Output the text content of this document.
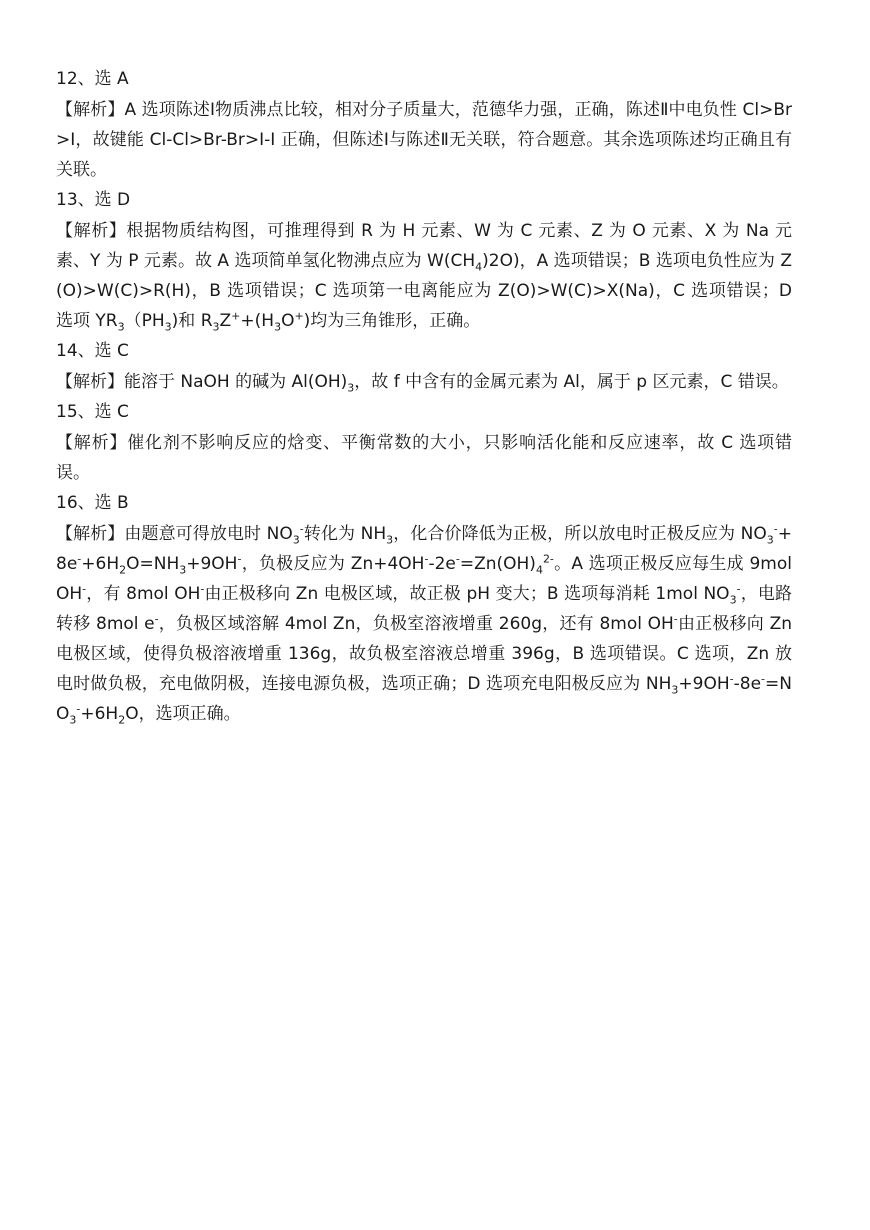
12、选 A

【解析】A 选项陈述Ⅰ物质沸点比较，相对分子质量大，范德华力强，正确，陈述Ⅱ中电负性 Cl>Br>I，故键能 Cl-Cl>Br-Br>I-I 正确，但陈述Ⅰ与陈述Ⅱ无关联，符合题意。其余选项陈述均正确且有关联。

13、选 D

【解析】根据物质结构图，可推理得到 R 为 H 元素、W 为 C 元素、Z 为 O 元素、X 为 Na 元素、Y 为 P 元素。故 A 选项简单氢化物沸点应为 $W(CH_4)2O$)，A 选项错误；B 选项电负性应为 Z(O)>W(C)>R(H)，B 选项错误；C 选项第一电离能应为 Z(O)>W(C)>X(Na)，C 选项错误；D 选项 $YR_3(PH_3)$和 $R_3Z^++(H_3O^+)$均为三角锥形，正确。

14、选 C

【解析】能溶于 NaOH 的碱为 $Al(OH)_3$，故 f 中含有的金属元素为 Al，属于 p 区元素，C 错误。

15、选 C

【解析】催化剂不影响反应的焓变、平衡常数的大小，只影响活化能和反应速率，故 C 选项错误。

16、选 B

【解析】由题意可得放电时 $NO_3^-$转化为 $NH_3$，化合价降低为正极，所以放电时正极反应为 $NO_3^-+8e^-+6H_2O=NH_3+9OH^-$，负极反应为 $Zn+4OH^--2e^-=Zn(OH)_4^{2-}$。A 选项正极反应每生成 9mol OH-，有 8mol OH-由正极移向 Zn 电极区域，故正极 pH 变大；B 选项每消耗 1mol $NO_3^-$，电路转移 8mol e-，负极区域溶解 4mol Zn，负极室溶液增重 260g，还有 8mol OH-由正极移向 Zn 电极区域，使得负极溶液增重 136g，故负极室溶液总增重 396g，B 选项错误。C 选项，Zn 放电时做负极，充电做阴极，连接电源负极，选项正确；D 选项充电阳极反应为 $NH_3+9OH^--8e^-=NO_3^-+6H_2O$，选项正确。
